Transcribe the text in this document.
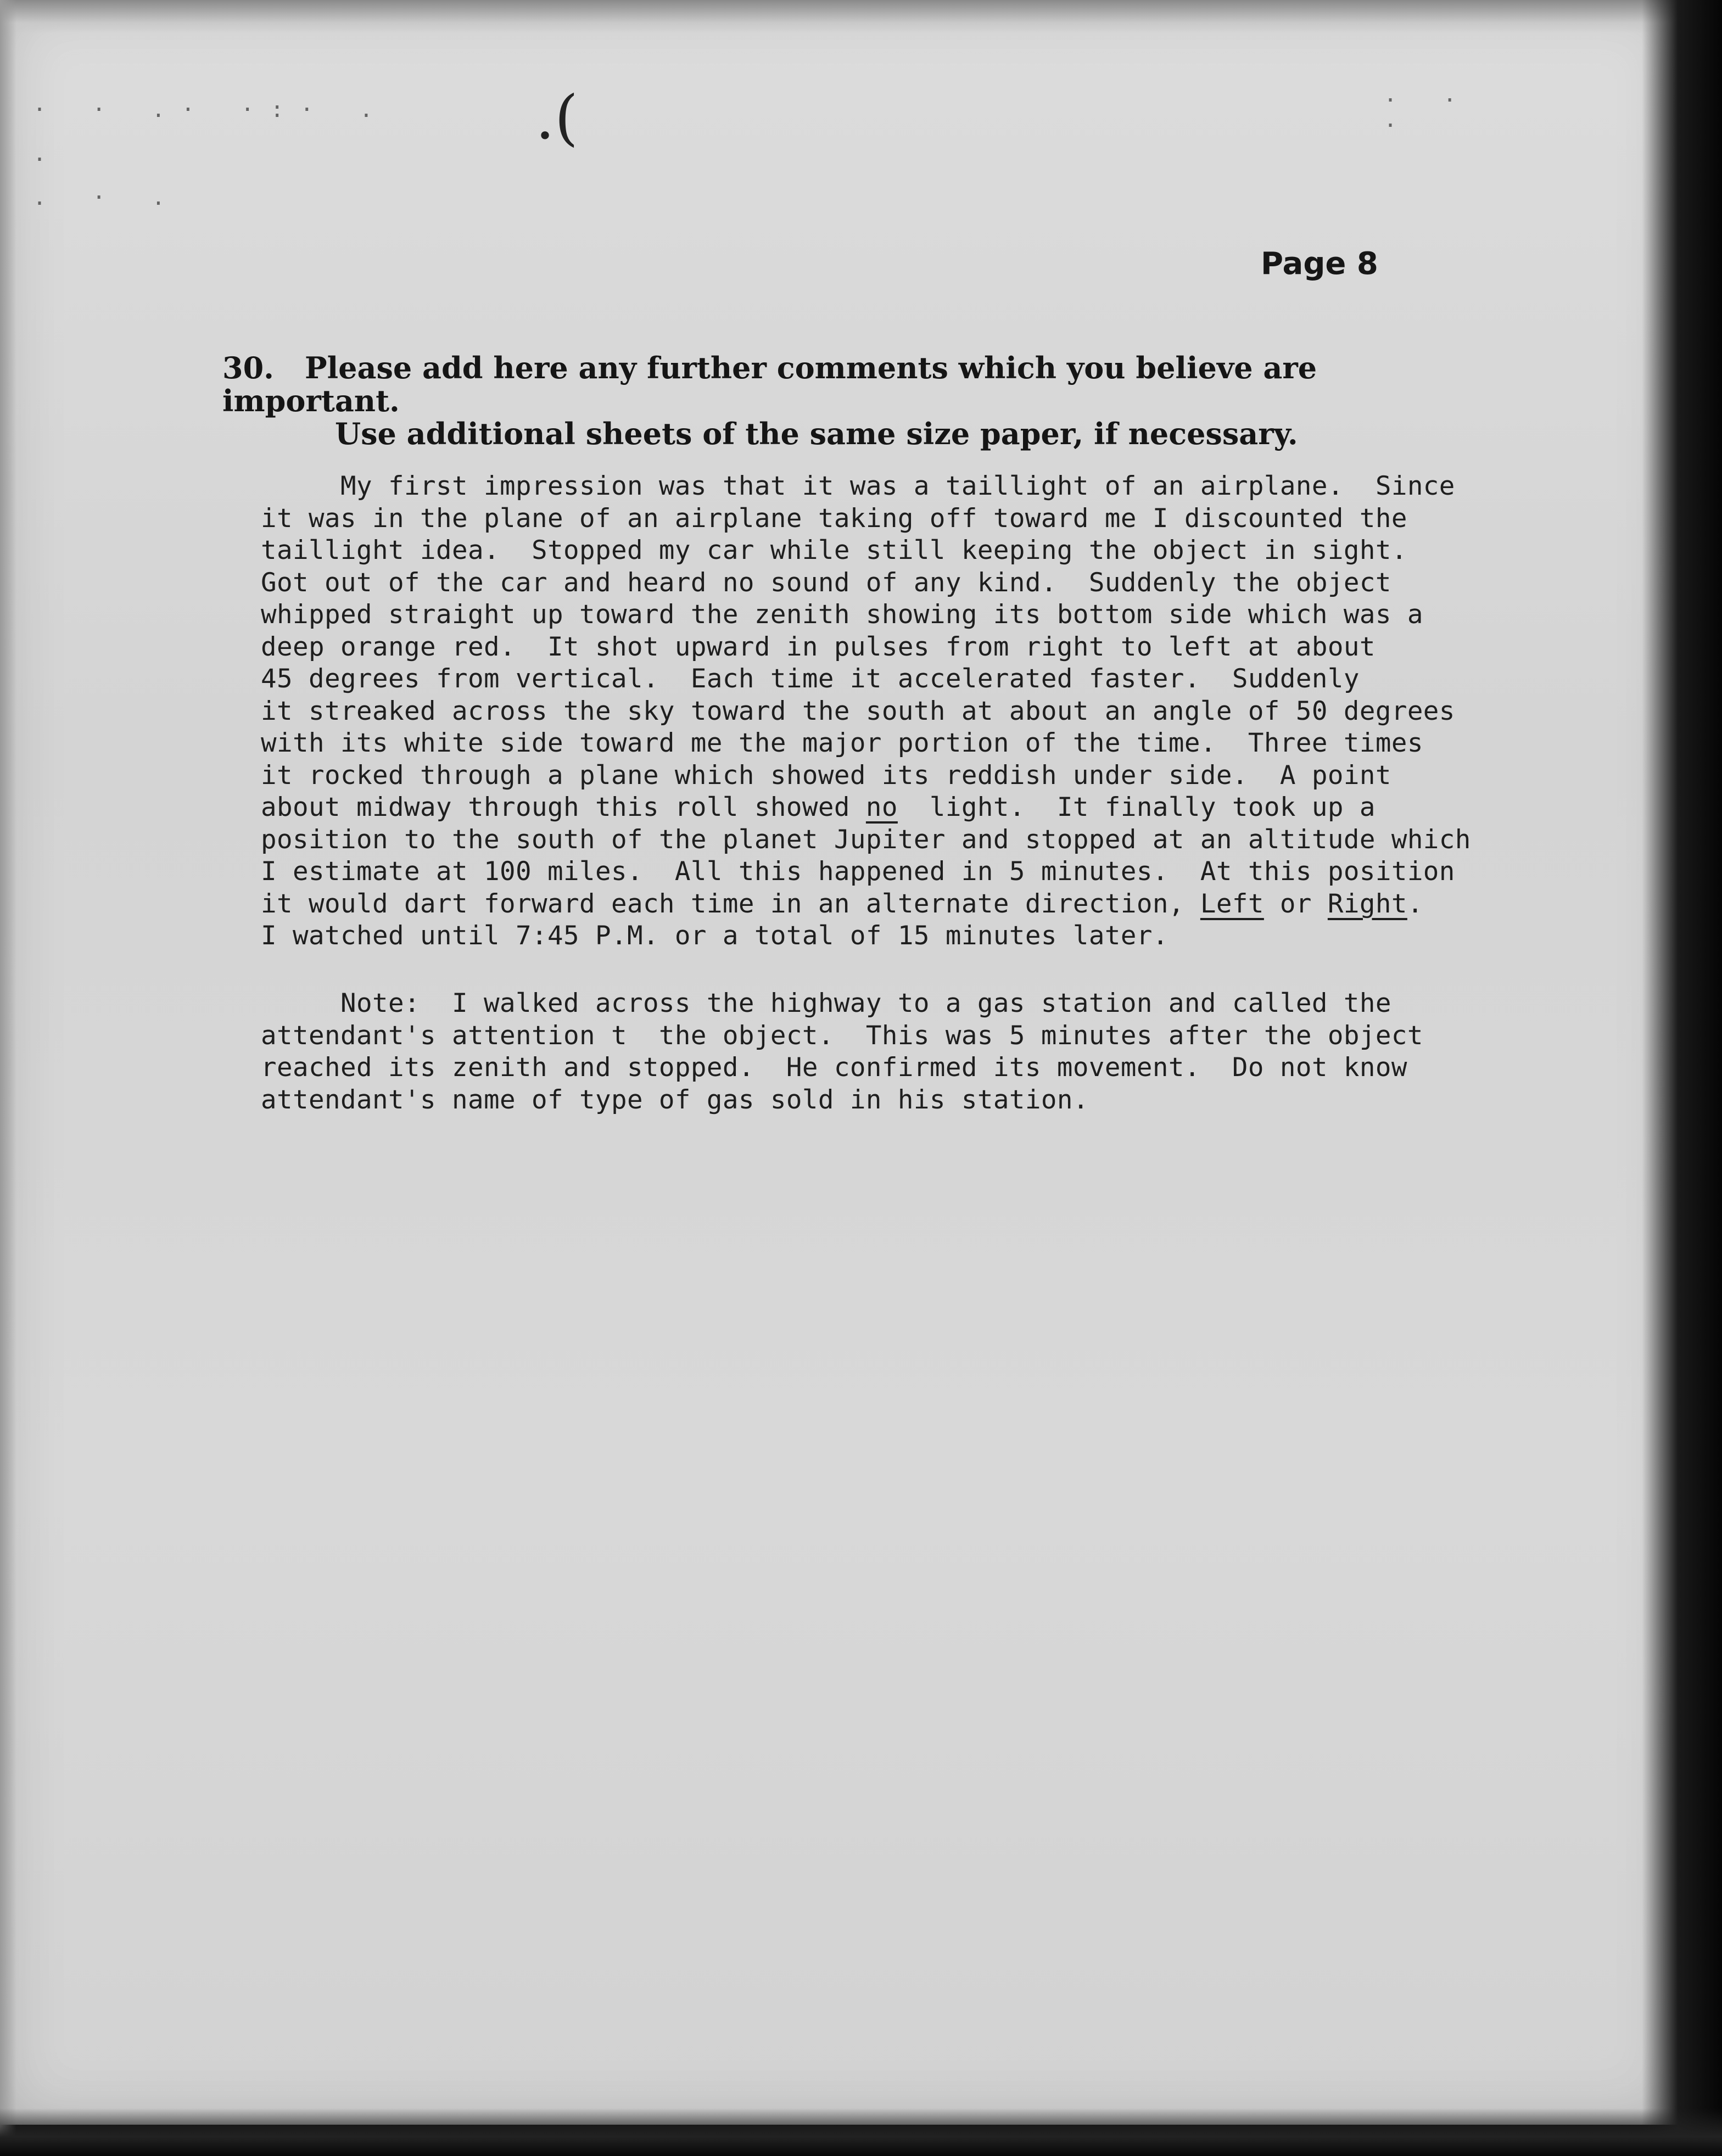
· · .· ·:· . .
. · .
· · ·
.(
Page 8
30. Please add here any further comments which you believe are important.
Use additional sheets of the same size paper, if necessary.
My first impression was that it was a taillight of an airplane.  Since
it was in the plane of an airplane taking off toward me I discounted the
taillight idea.  Stopped my car while still keeping the object in sight.
Got out of the car and heard no sound of any kind.  Suddenly the object
whipped straight up toward the zenith showing its bottom side which was a
deep orange red.  It shot upward in pulses from right to left at about
45 degrees from vertical.  Each time it accelerated faster.  Suddenly
it streaked across the sky toward the south at about an angle of 50 degrees
with its white side toward me the major portion of the time.  Three times
it rocked through a plane which showed its reddish under side.  A point
about midway through this roll showed no  light.  It finally took up a
position to the south of the planet Jupiter and stopped at an altitude which
I estimate at 100 miles.  All this happened in 5 minutes.  At this position
it would dart forward each time in an alternate direction, Left or Right.
I watched until 7:45 P.M. or a total of 15 minutes later.
Note:  I walked across the highway to a gas station and called the
attendant's attention t  the object.  This was 5 minutes after the object
reached its zenith and stopped.  He confirmed its movement.  Do not know
attendant's name of type of gas sold in his station.
